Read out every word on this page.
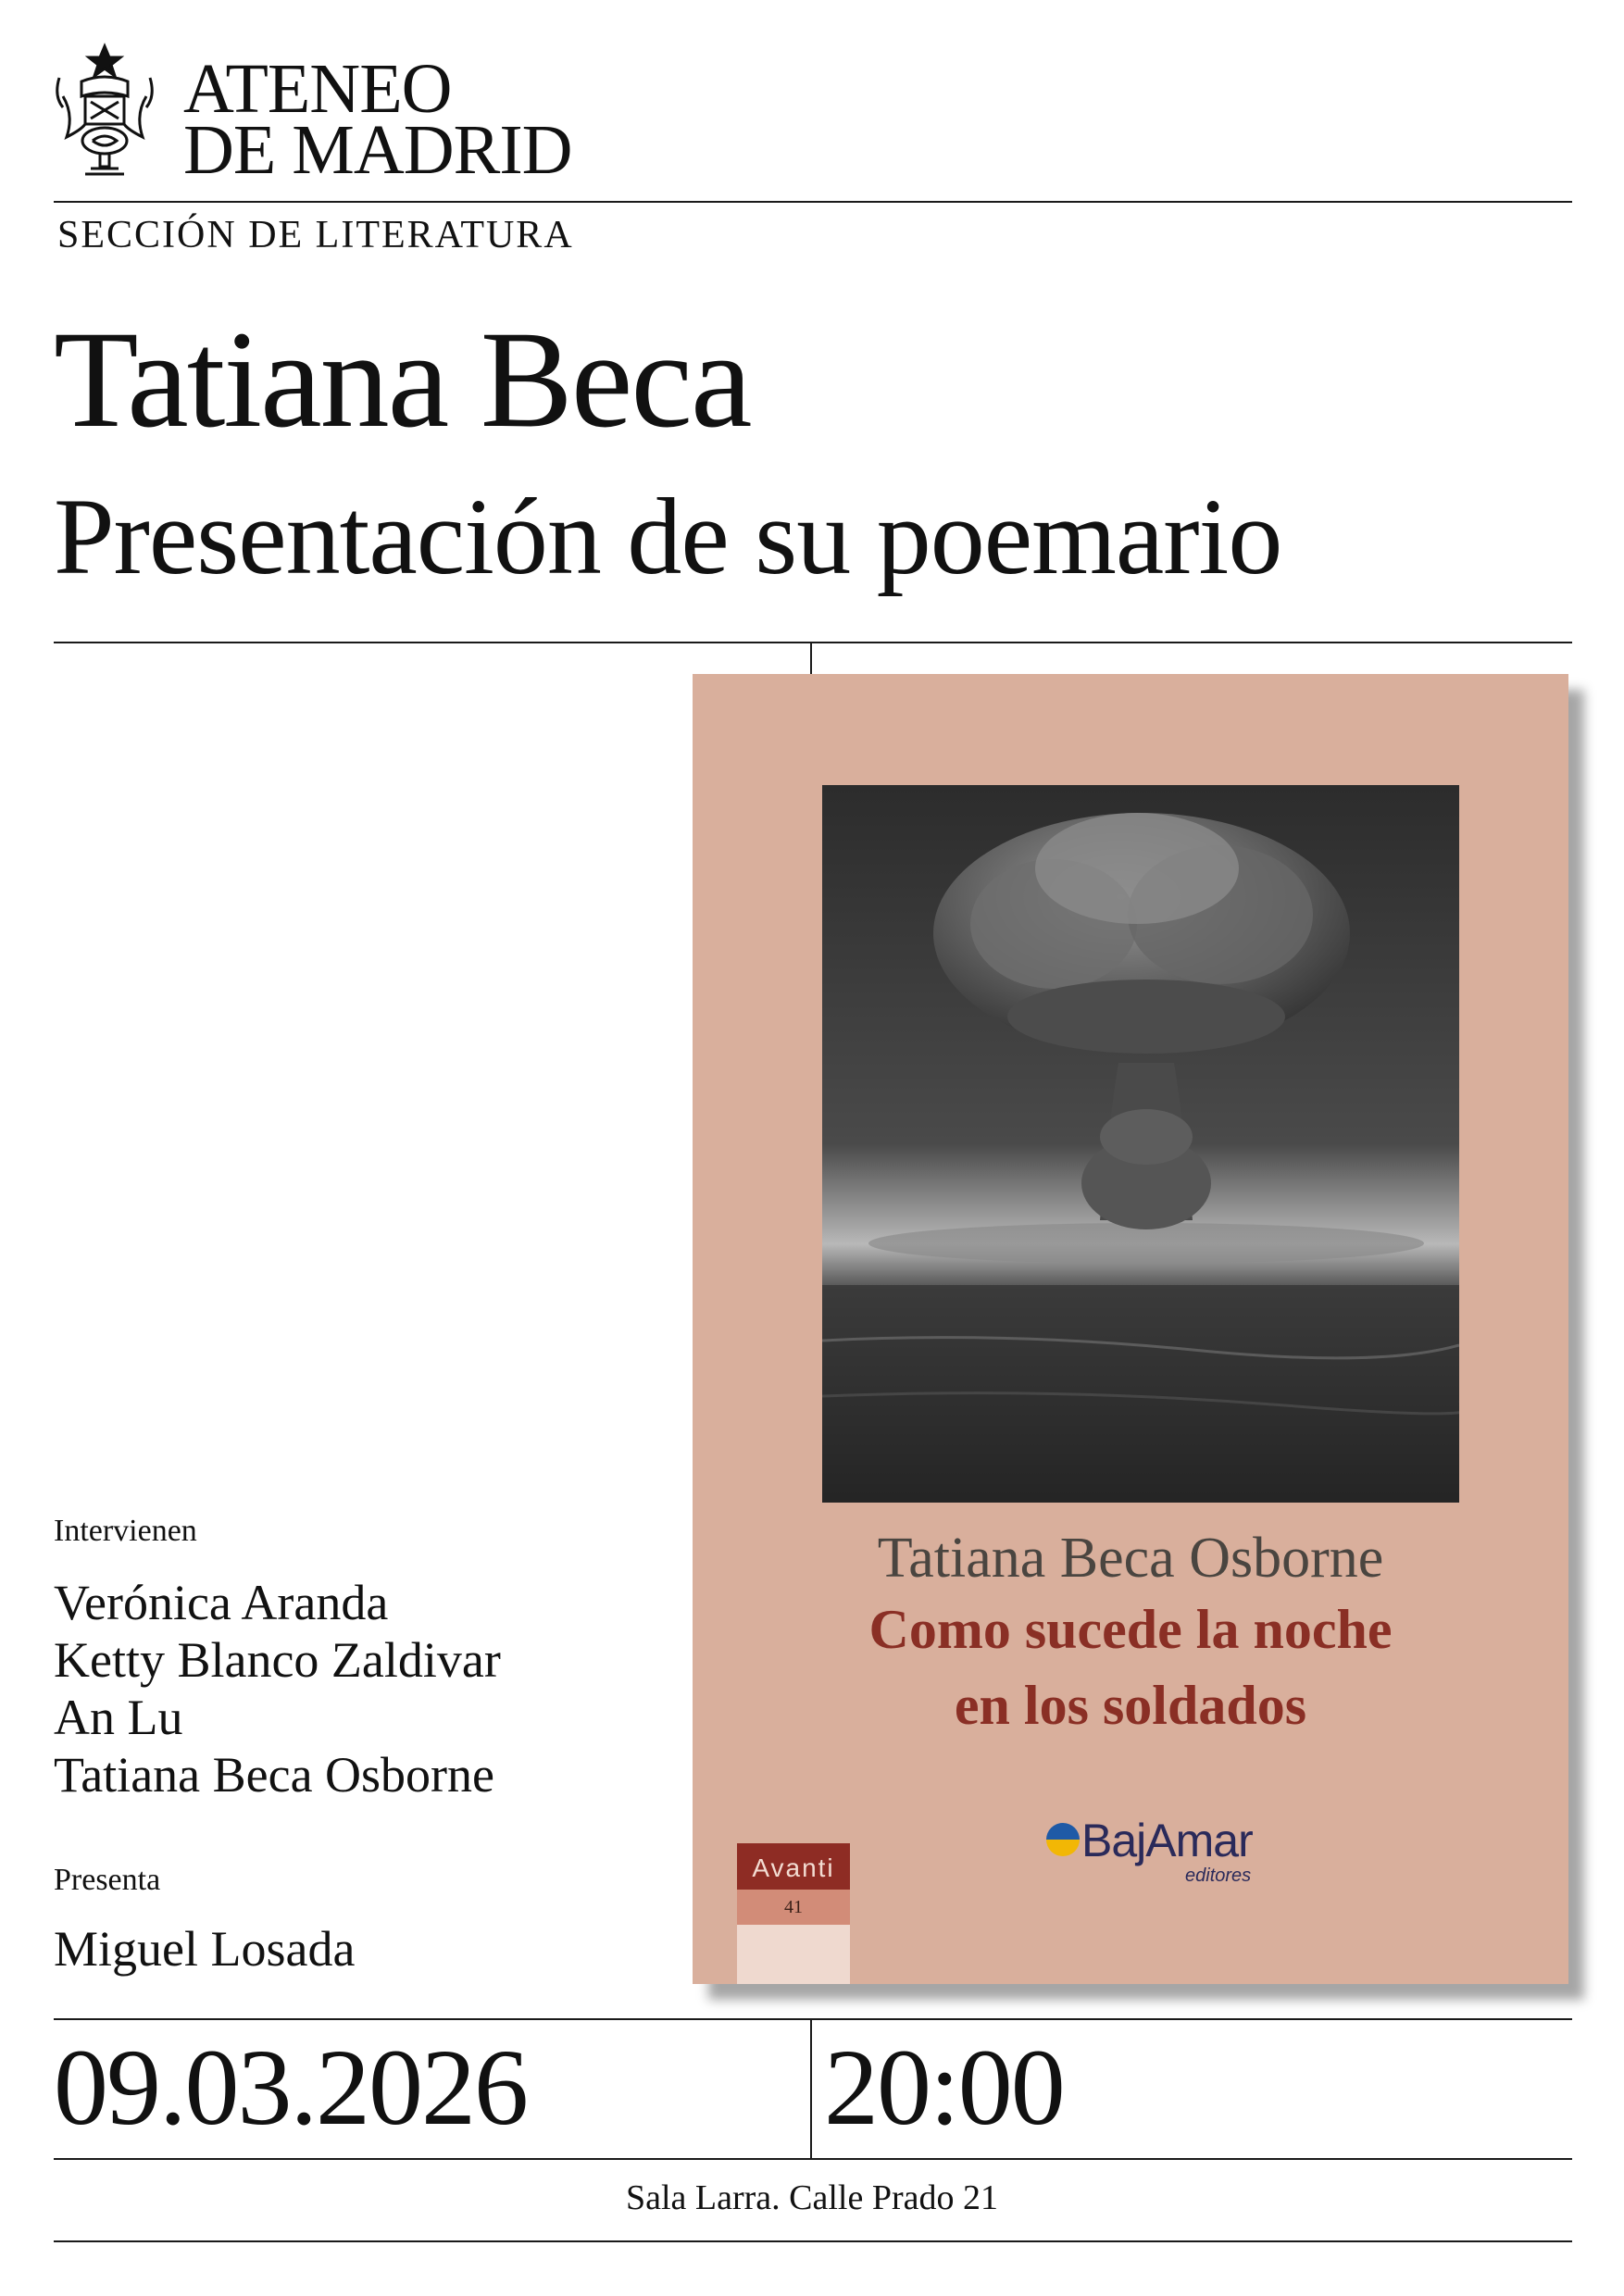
ATENEO
DE MADRID
SECCIÓN DE LITERATURA
Tatiana Beca
Presentación de su poemario
Intervienen
Verónica Aranda
Ketty Blanco Zaldivar
An Lu
Tatiana Beca Osborne
Presenta
Miguel Losada
Tatiana Beca Osborne
Como sucede la noche
en los soldados
BajAmar
editores
Avanti
41
09.03.2026	20:00
Sala Larra. Calle Prado 21
